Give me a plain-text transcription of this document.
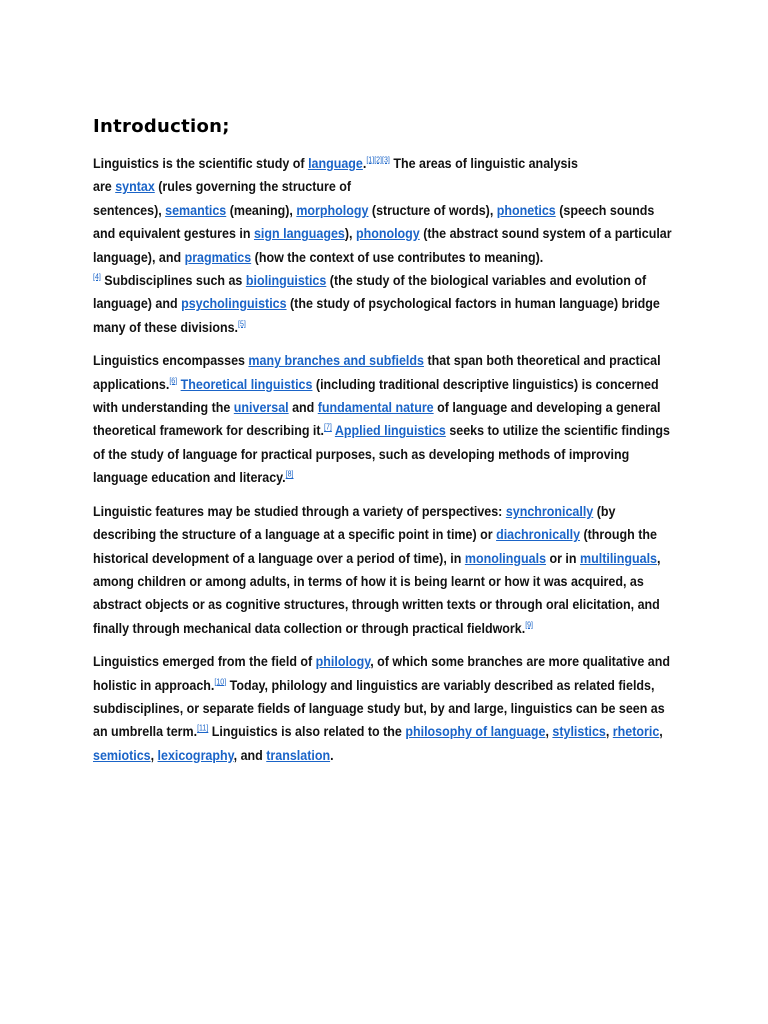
Introduction;

Linguistics is the scientific study of language.[1][2][3] The areas of linguistic analysis
are syntax (rules governing the structure of
sentences), semantics (meaning), morphology (structure of words), phonetics (speech sounds and equivalent gestures in sign languages), phonology (the abstract sound system of a particular language), and pragmatics (how the context of use contributes to meaning).
[4] Subdisciplines such as biolinguistics (the study of the biological variables and evolution of language) and psycholinguistics (the study of psychological factors in human language) bridge many of these divisions.[5]

Linguistics encompasses many branches and subfields that span both theoretical and practical applications.[6] Theoretical linguistics (including traditional descriptive linguistics) is concerned with understanding the universal and fundamental nature of language and developing a general theoretical framework for describing it.[7] Applied linguistics seeks to utilize the scientific findings of the study of language for practical purposes, such as developing methods of improving language education and literacy.[8]

Linguistic features may be studied through a variety of perspectives: synchronically (by describing the structure of a language at a specific point in time) or diachronically (through the historical development of a language over a period of time), in monolinguals or in multilinguals, among children or among adults, in terms of how it is being learnt or how it was acquired, as abstract objects or as cognitive structures, through written texts or through oral elicitation, and finally through mechanical data collection or through practical fieldwork.[9]

Linguistics emerged from the field of philology, of which some branches are more qualitative and holistic in approach.[10] Today, philology and linguistics are variably described as related fields, subdisciplines, or separate fields of language study but, by and large, linguistics can be seen as an umbrella term.[11] Linguistics is also related to the philosophy of language, stylistics, rhetoric, semiotics, lexicography, and translation.
